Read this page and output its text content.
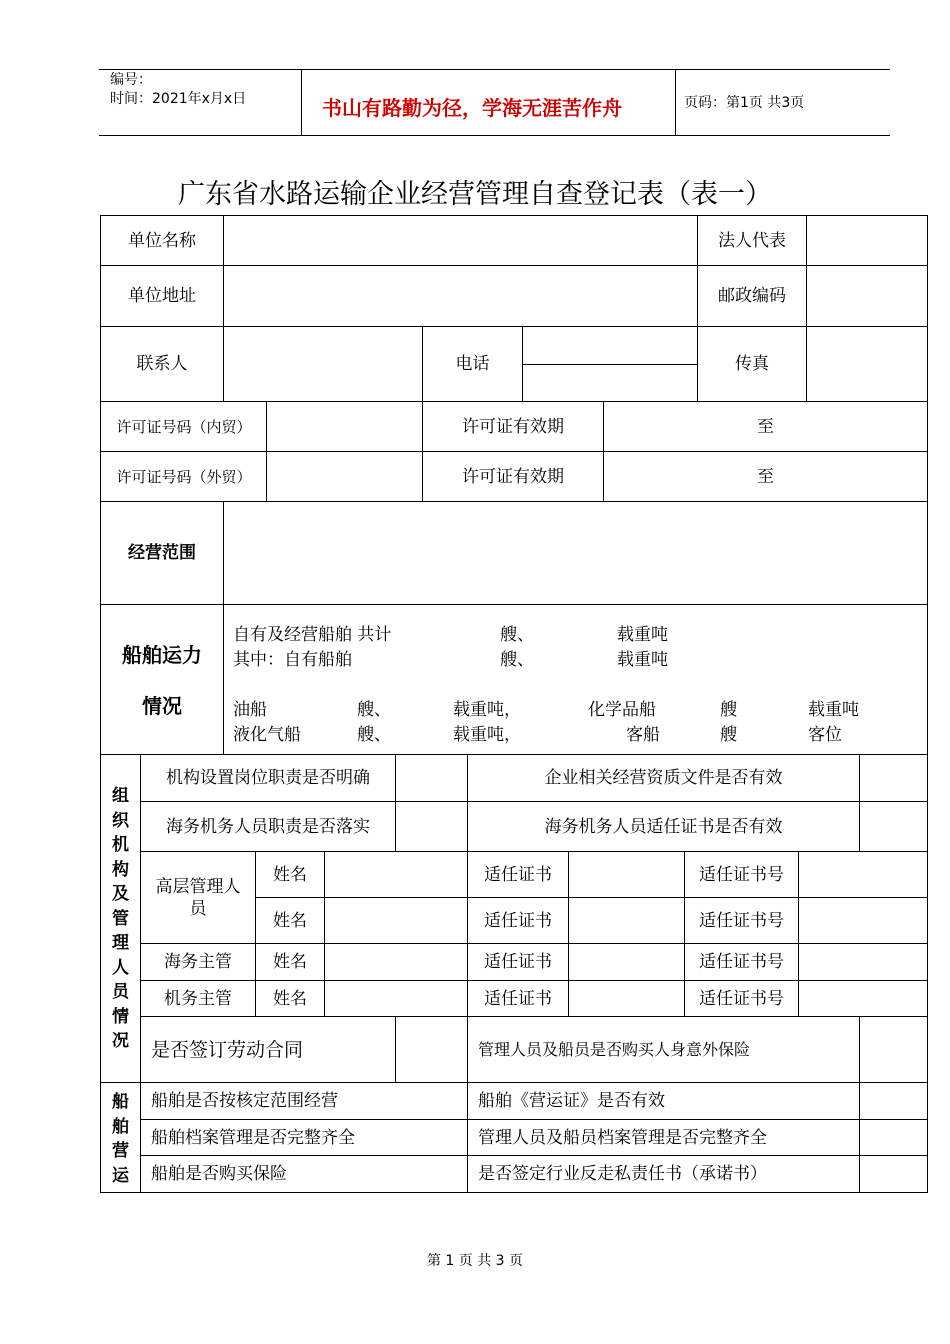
编号：
时间：2021年x月x日	书山有路勤为径，学海无涯苦作舟	页码：第1页 共3页
广东省水路运输企业经营管理自查登记表（表一）
单位名称	法人代表
单位地址	邮政编码
联系人	电话	传真
许可证号码（内贸）	许可证有效期	至
许可证号码（外贸）	许可证有效期	至
经营范围
船舶运力
情况
自有及经营船舶 共计	艘、	载重吨
其中：自有船舶	艘、	载重吨
油船	艘、	载重吨，	化学品船	艘	载重吨
液化气船	艘、	载重吨，	客船	艘	客位
组
织
机
构
及
管
理
人
员
情
况
机构设置岗位职责是否明确	企业相关经营资质文件是否有效
海务机务人员职责是否落实	海务机务人员适任证书是否有效
高层管理人员
姓名	适任证书	适任证书号
姓名	适任证书	适任证书号
海务主管	姓名	适任证书	适任证书号
机务主管	姓名	适任证书	适任证书号
是否签订劳动合同	管理人员及船员是否购买人身意外保险
船
舶
营
运
船舶是否按核定范围经营	船舶《营运证》是否有效
船舶档案管理是否完整齐全	管理人员及船员档案管理是否完整齐全
船舶是否购买保险	是否签定行业反走私责任书（承诺书）
第 1 页 共 3 页
